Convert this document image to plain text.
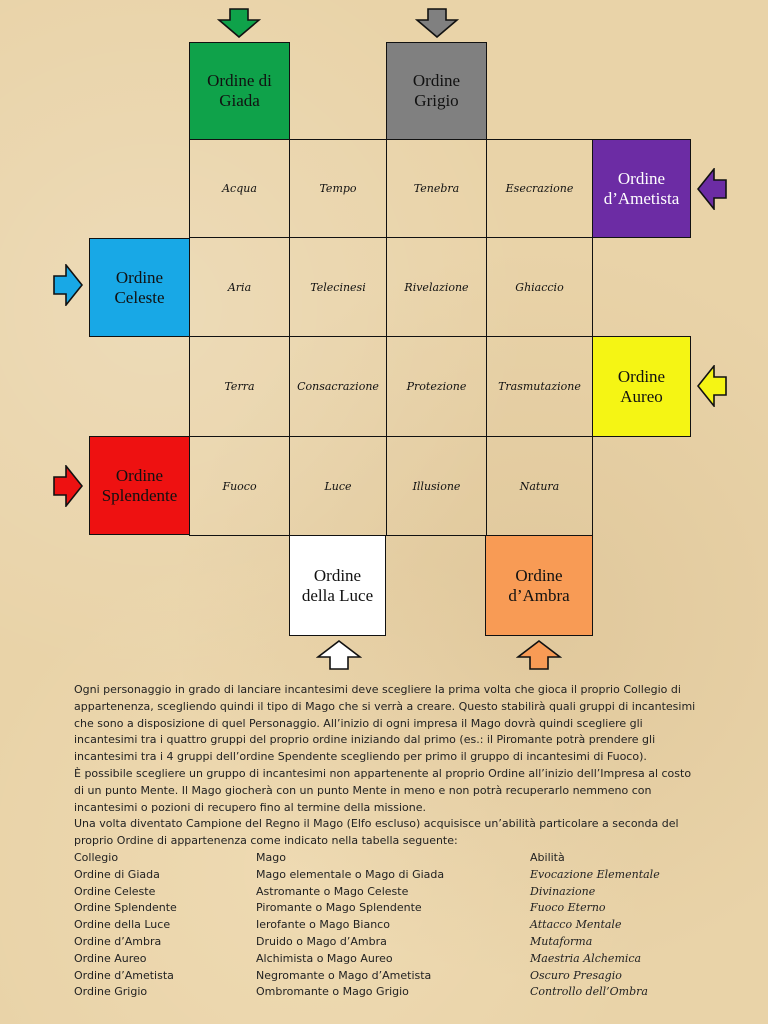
Ordine di
Giada
Ordine
Grigio
Ordine
d’Ametista
Ordine
Celeste
Ordine
Aureo
Ordine
Splendente
Ordine
della Luce
Ordine
d’Ambra
Acqua	Tempo	Tenebra	Esecrazione
Aria	Telecinesi	Rivelazione	Ghiaccio
Terra	Consacrazione	Protezione	Trasmutazione
Fuoco	Luce	Illusione	Natura

Ogni personaggio in grado di lanciare incantesimi deve scegliere la prima volta che gioca il proprio Collegio di appartenenza, scegliendo quindi il tipo di Mago che si verrà a creare. Questo stabilirà quali gruppi di incantesimi che sono a disposizione di quel Personaggio. All’inizio di ogni impresa il Mago dovrà quindi scegliere gli incantesimi tra i quattro gruppi del proprio ordine iniziando dal primo (es.: il Piromante potrà prendere gli incantesimi tra i 4 gruppi dell’ordine Spendente scegliendo per primo il gruppo di incantesimi di Fuoco).

È possibile scegliere un gruppo di incantesimi non appartenente al proprio Ordine all’inizio dell’Impresa al costo di un punto Mente. Il Mago giocherà con un punto Mente in meno e non potrà recuperarlo nemmeno con incantesimi o pozioni di recupero fino al termine della missione.

Una volta diventato Campione del Regno il Mago (Elfo escluso) acquisisce un’abilità particolare a seconda del proprio Ordine di appartenenza come indicato nella tabella seguente:

Collegio	Mago	Abilità
Ordine di Giada	Mago elementale o Mago di Giada	Evocazione Elementale
Ordine Celeste	Astromante o Mago Celeste	Divinazione
Ordine Splendente	Piromante o Mago Splendente	Fuoco Eterno
Ordine della Luce	Ierofante o Mago Bianco	Attacco Mentale
Ordine d’Ambra	Druido o Mago d’Ambra	Mutaforma
Ordine Aureo	Alchimista o Mago Aureo	Maestria Alchemica
Ordine d’Ametista	Negromante o Mago d’Ametista	Oscuro Presagio
Ordine Grigio	Ombromante o Mago Grigio	Controllo dell’Ombra
